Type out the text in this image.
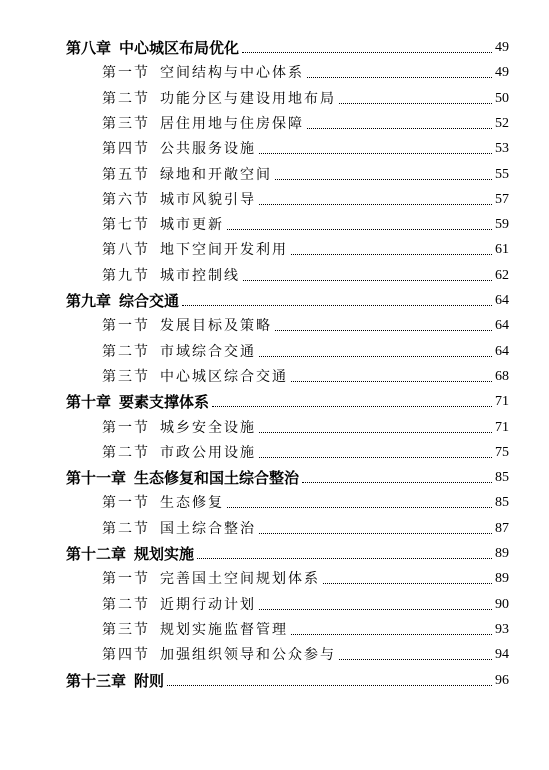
第八章 中心城区布局优化	49
第一节 空间结构与中心体系	49
第二节 功能分区与建设用地布局	50
第三节 居住用地与住房保障	52
第四节 公共服务设施	53
第五节 绿地和开敞空间	55
第六节 城市风貌引导	57
第七节 城市更新	59
第八节 地下空间开发利用	61
第九节 城市控制线	62
第九章 综合交通	64
第一节 发展目标及策略	64
第二节 市域综合交通	64
第三节 中心城区综合交通	68
第十章 要素支撑体系	71
第一节 城乡安全设施	71
第二节 市政公用设施	75
第十一章 生态修复和国土综合整治	85
第一节 生态修复	85
第二节 国土综合整治	87
第十二章 规划实施	89
第一节 完善国土空间规划体系	89
第二节 近期行动计划	90
第三节 规划实施监督管理	93
第四节 加强组织领导和公众参与	94
第十三章 附则	96
